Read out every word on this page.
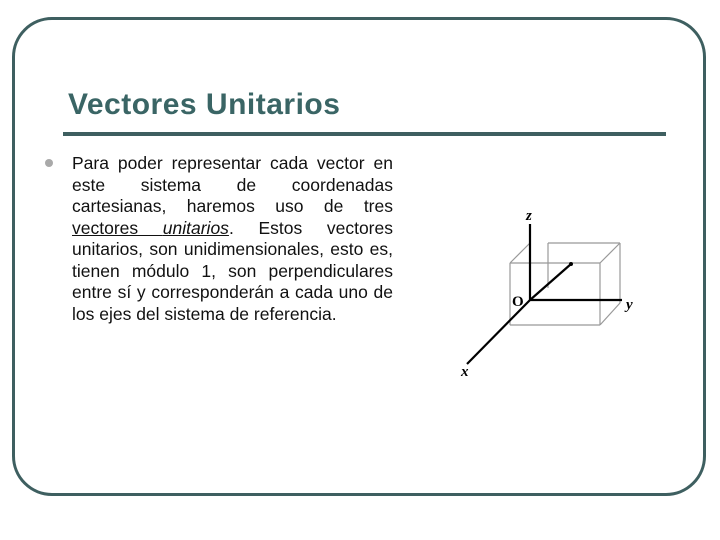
Vectores Unitarios

Para poder representar cada vector en este sistema de coordenadas cartesianas, haremos uso de tres vectores unitarios. Estos vectores unitarios, son unidimensionales, esto es, tienen módulo 1, son perpendiculares entre sí y corresponderán a cada uno de los ejes del sistema de referencia.

z
y
x
O
